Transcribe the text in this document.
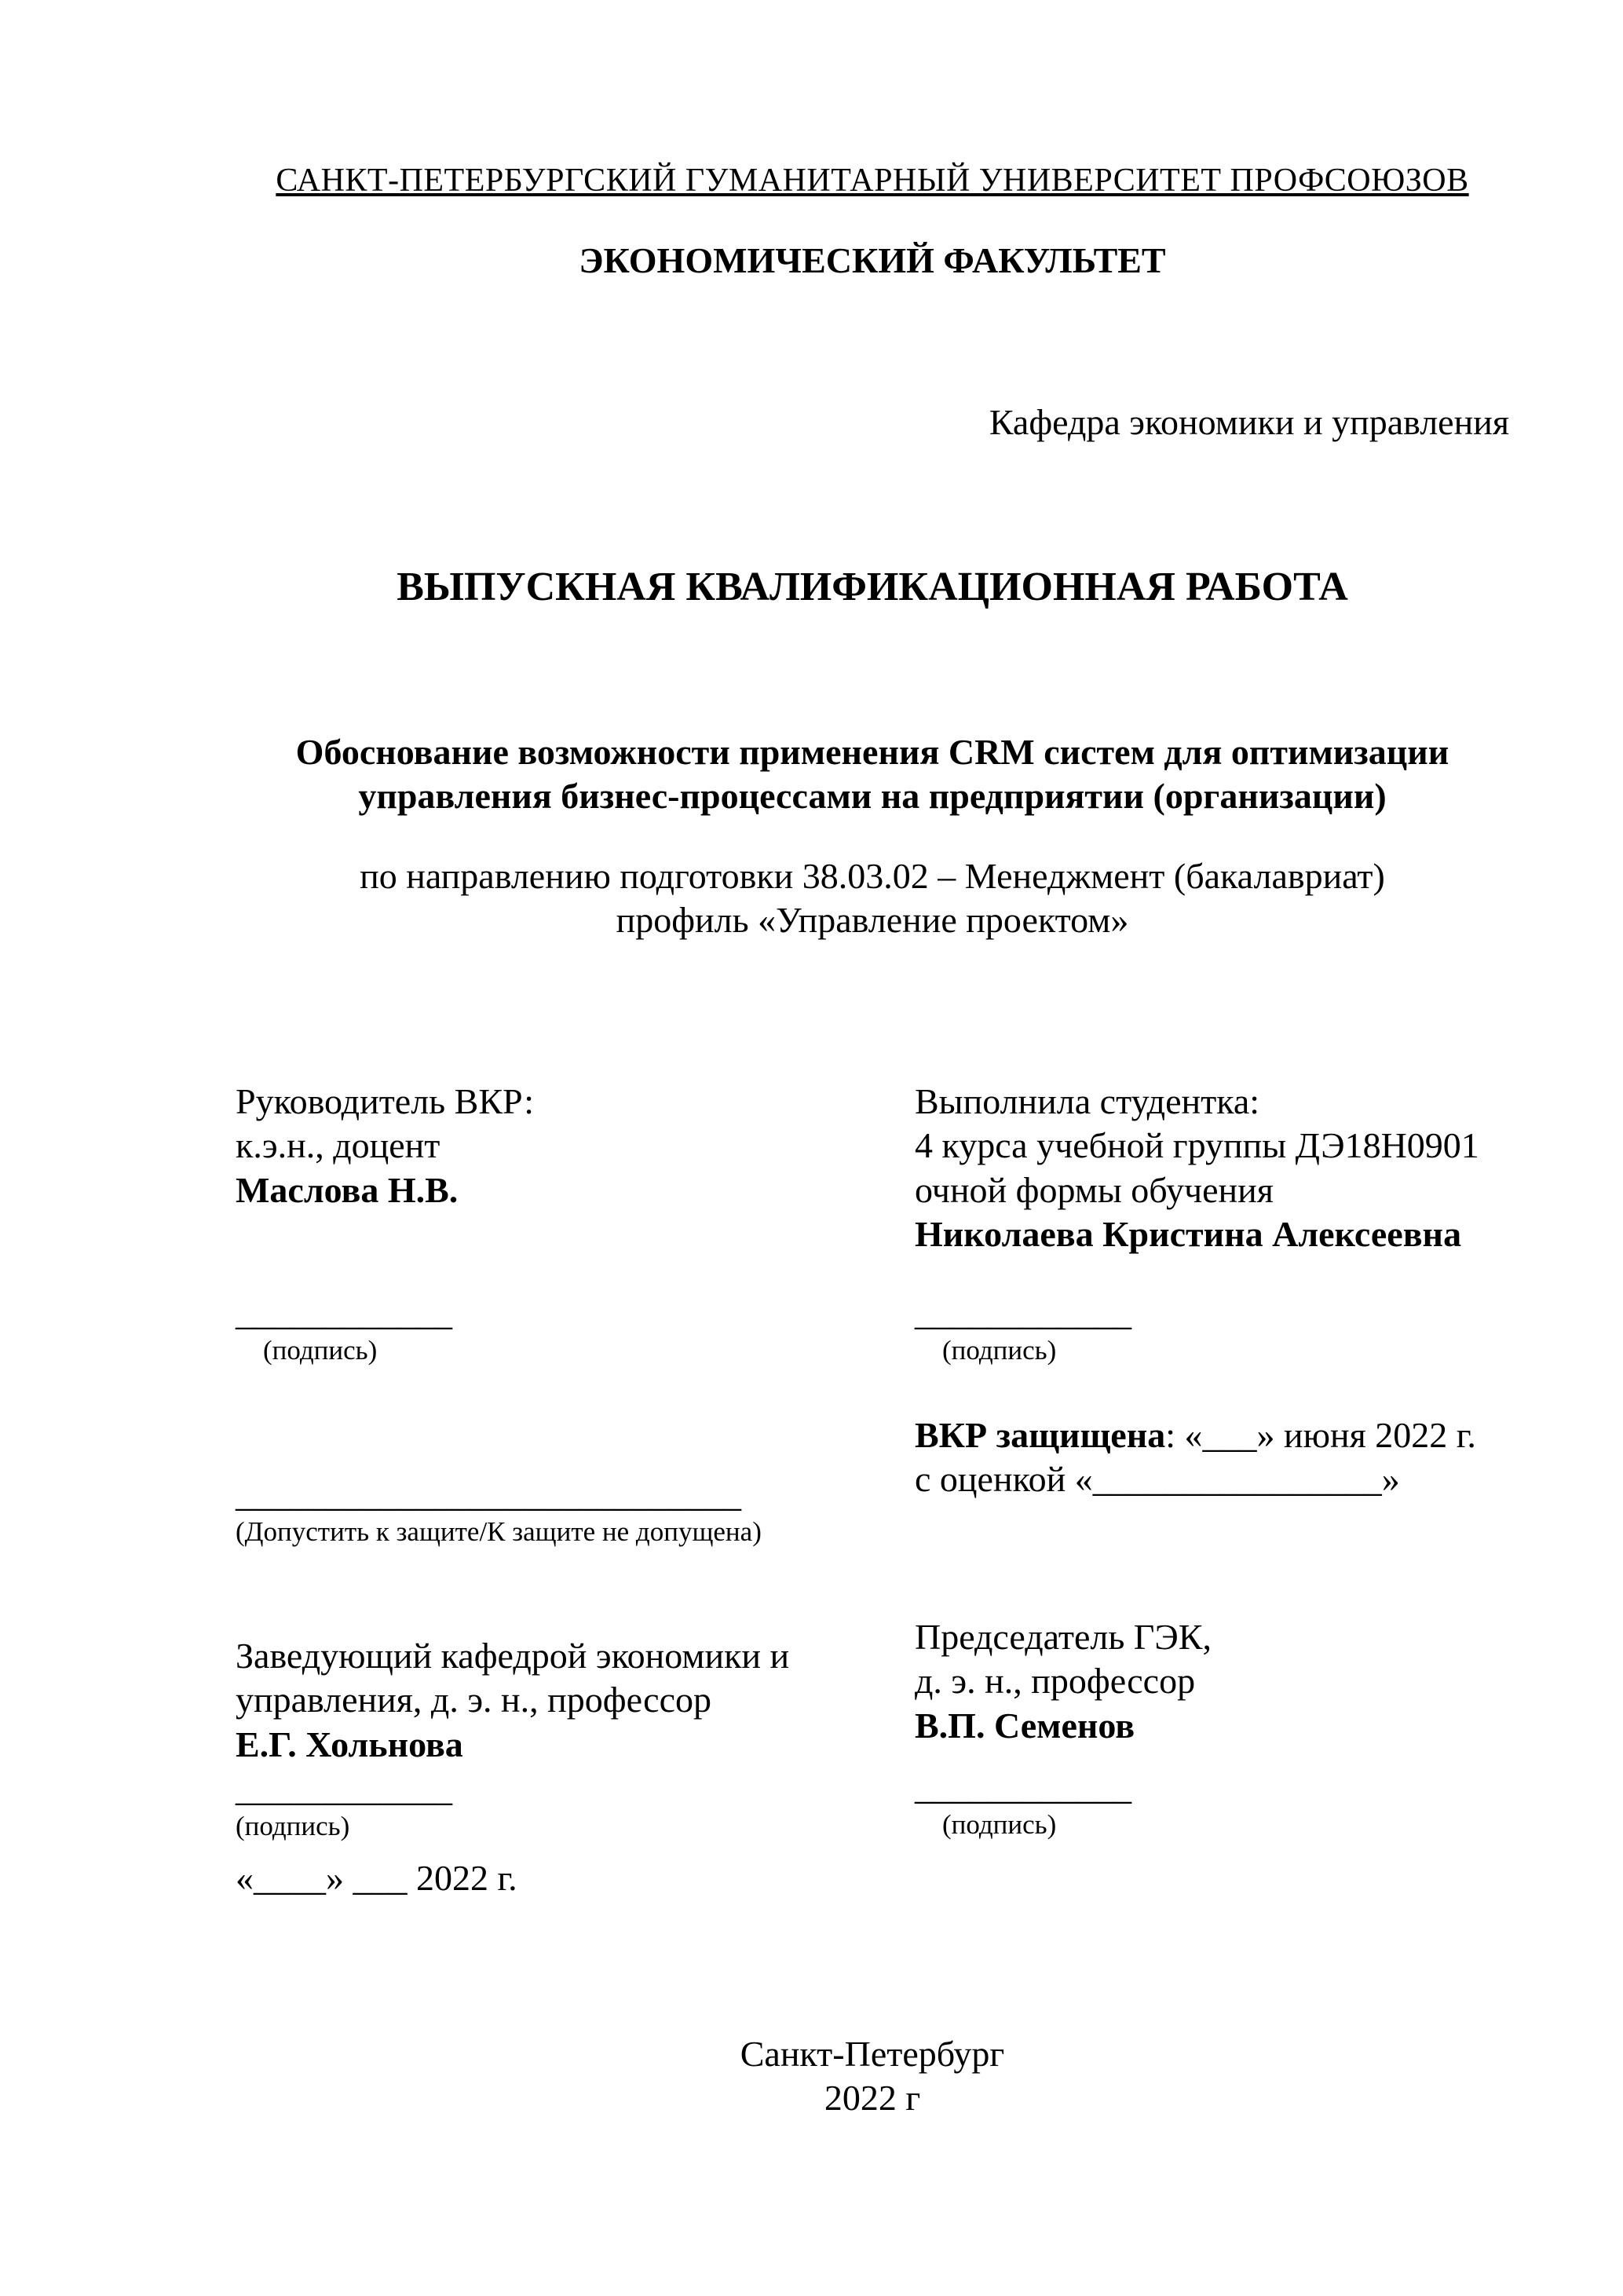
САНКТ-ПЕТЕРБУРГСКИЙ ГУМАНИТАРНЫЙ УНИВЕРСИТЕТ ПРОФСОЮЗОВ
ЭКОНОМИЧЕСКИЙ ФАКУЛЬТЕТ
Кафедра экономики и управления
ВЫПУСКНАЯ КВАЛИФИКАЦИОННАЯ РАБОТА
Обоснование возможности применения CRM систем для оптимизации управления бизнес-процессами на предприятии (организации)
по направлению подготовки 38.03.02 – Менеджмент (бакалавриат)
профиль «Управление проектом»
Руководитель ВКР:
к.э.н., доцент
Маслова Н.В.
____________
(подпись)
____________________________
(Допустить к защите/К защите не допущена)
Заведующий кафедрой экономики и
управления, д. э. н., профессор
Е.Г. Хольнова
____________
(подпись)
«____» ___ 2022 г.
Выполнила студентка:
4 курса учебной группы ДЭ18Н0901
очной формы обучения
Николаева Кристина Алексеевна
____________
(подпись)
ВКР защищена: «___» июня 2022 г.
с оценкой «________________»
Председатель ГЭК,
д. э. н., профессор
В.П. Семенов
____________
(подпись)
Санкт-Петербург
2022 г
